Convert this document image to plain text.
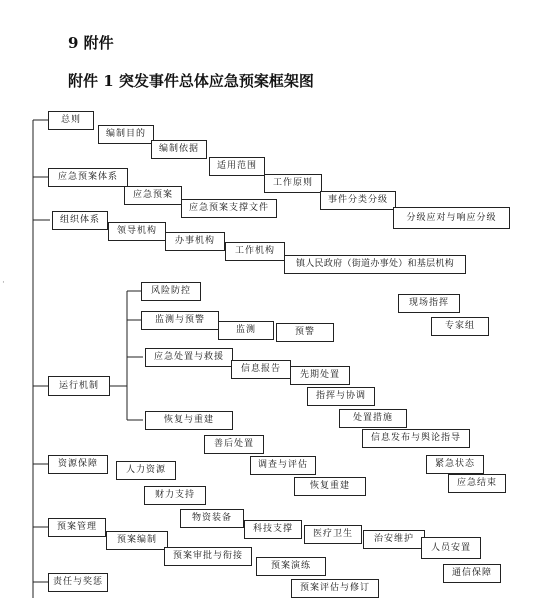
9 附件
附件 1 突发事件总体应急预案框架图
·
总则
编制目的
编制依据
适用范围
工作原则
事件分类分级
分级应对与响应分级
应急预案体系
应急预案
应急预案支撑文件
组织体系
领导机构
办事机构
工作机构
镇人民政府（街道办事处）和基层机构
风险防控
监测与预警
监测	预警
现场指挥
专家组
应急处置与救援
信息报告
先期处置
指挥与协调
运行机制
处置措施
恢复与重建
信息发布与舆论指导
善后处置
调查与评估	紧急状态
资源保障
人力资源
恢复重建	应急结束
财力支持
物资装备
科技支撑	医疗卫生	治安维护
人员安置
预案管理
预案编制
通信保障
预案审批与衔接
预案演练
责任与奖惩
预案评估与修订
